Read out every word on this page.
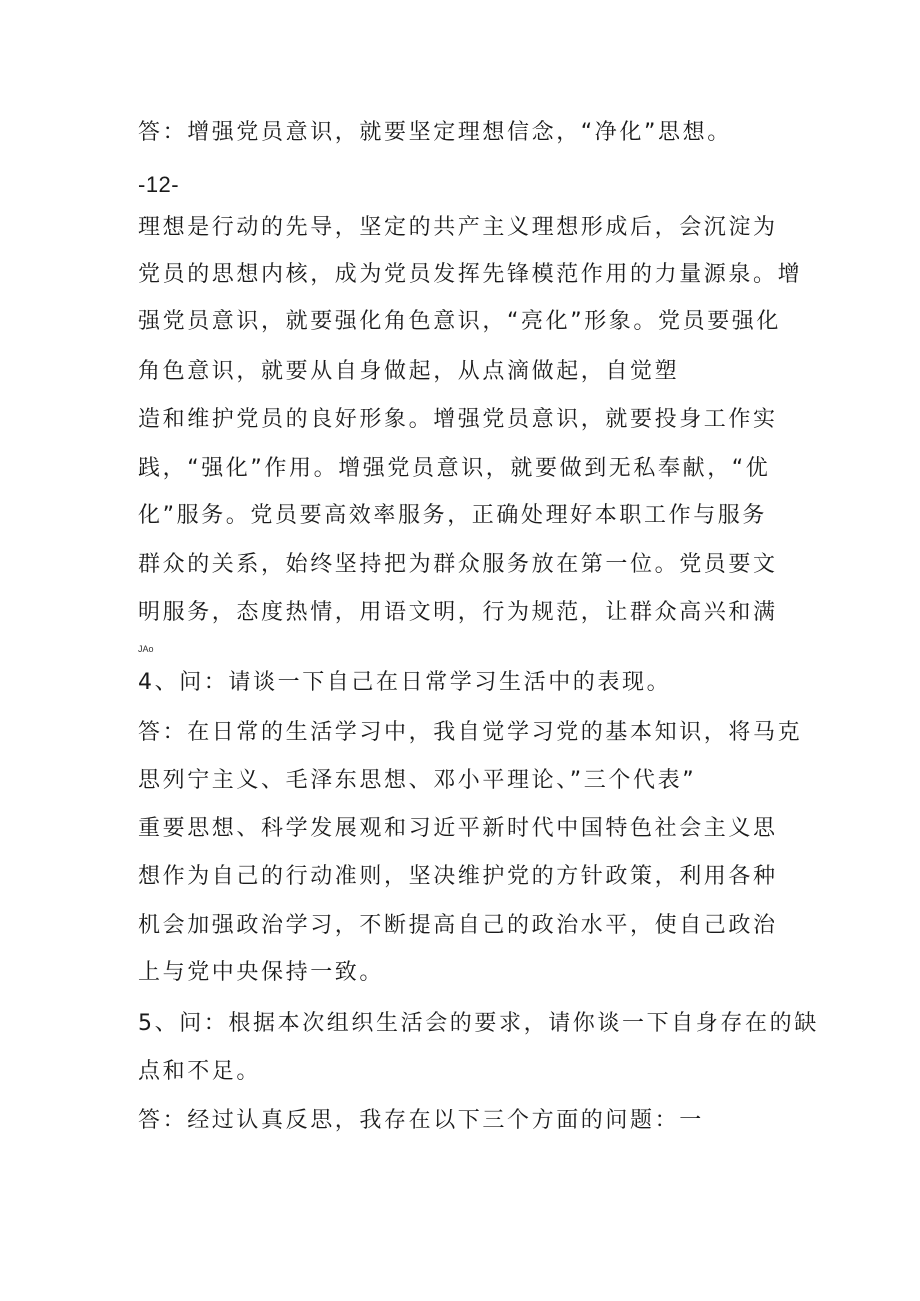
答：增强党员意识，就要坚定理想信念，“净化”思想。
-12-
理想是行动的先导，坚定的共产主义理想形成后，会沉淀为
党员的思想内核，成为党员发挥先锋模范作用的力量源泉。增
强党员意识，就要强化角色意识，“亮化”形象。党员要强化
角色意识，就要从自身做起，从点滴做起，自觉塑
造和维护党员的良好形象。增强党员意识，就要投身工作实
践，“强化”作用。增强党员意识，就要做到无私奉献，“优
化”服务。党员要高效率服务，正确处理好本职工作与服务
群众的关系，始终坚持把为群众服务放在第一位。党员要文
明服务，态度热情，用语文明，行为规范，让群众高兴和满
JAo
4、问：请谈一下自己在日常学习生活中的表现。
答：在日常的生活学习中，我自觉学习党的基本知识，将马克
思列宁主义、毛泽东思想、邓小平理论、”三个代表”
重要思想、科学发展观和习近平新时代中国特色社会主义思
想作为自己的行动准则，坚决维护党的方针政策，利用各种
机会加强政治学习，不断提高自己的政治水平，使自己政治
上与党中央保持一致。
5、问：根据本次组织生活会的要求，请你谈一下自身存在的缺
点和不足。
答：经过认真反思，我存在以下三个方面的问题：一
